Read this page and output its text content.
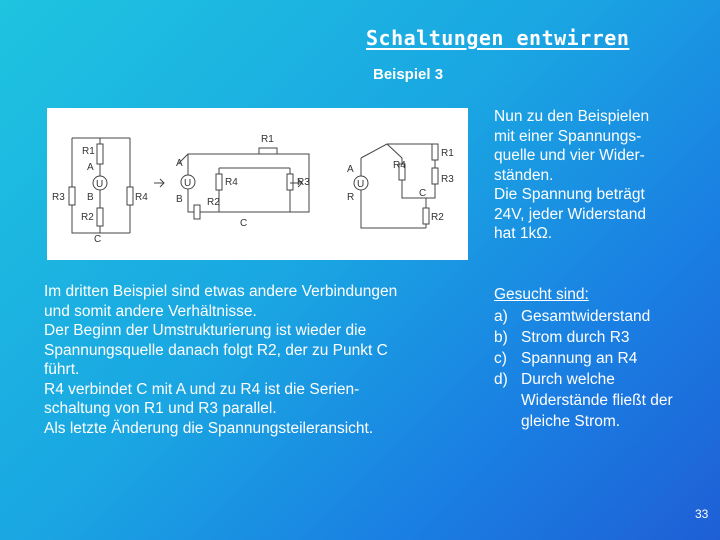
Schaltungen entwirren
Beispiel 3
R1
A
U
R3 B	R4
R2
C
R1
A
U	R4	R3
B R2
C
A	R4
R1
U	R3
C
R
R2
Nun zu den Beispielen
mit einer Spannungs-
quelle und vier Wider-
ständen.
Die Spannung beträgt
24V, jeder Widerstand
hat 1kΩ.
Im dritten Beispiel sind etwas andere Verbindungen
und somit andere Verhältnisse.
Der Beginn der Umstrukturierung ist wieder die
Spannungsquelle danach folgt R2, der zu Punkt C
führt.
R4 verbindet C mit A und zu R4 ist die Serien-
schaltung von R1 und R3 parallel.
Als letzte Änderung die Spannungsteileransicht.
Gesucht sind:
a) Gesamtwiderstand
b) Strom durch R3
c) Spannung an R4
d) Durch welche Widerstände fließt der gleiche Strom.
33
